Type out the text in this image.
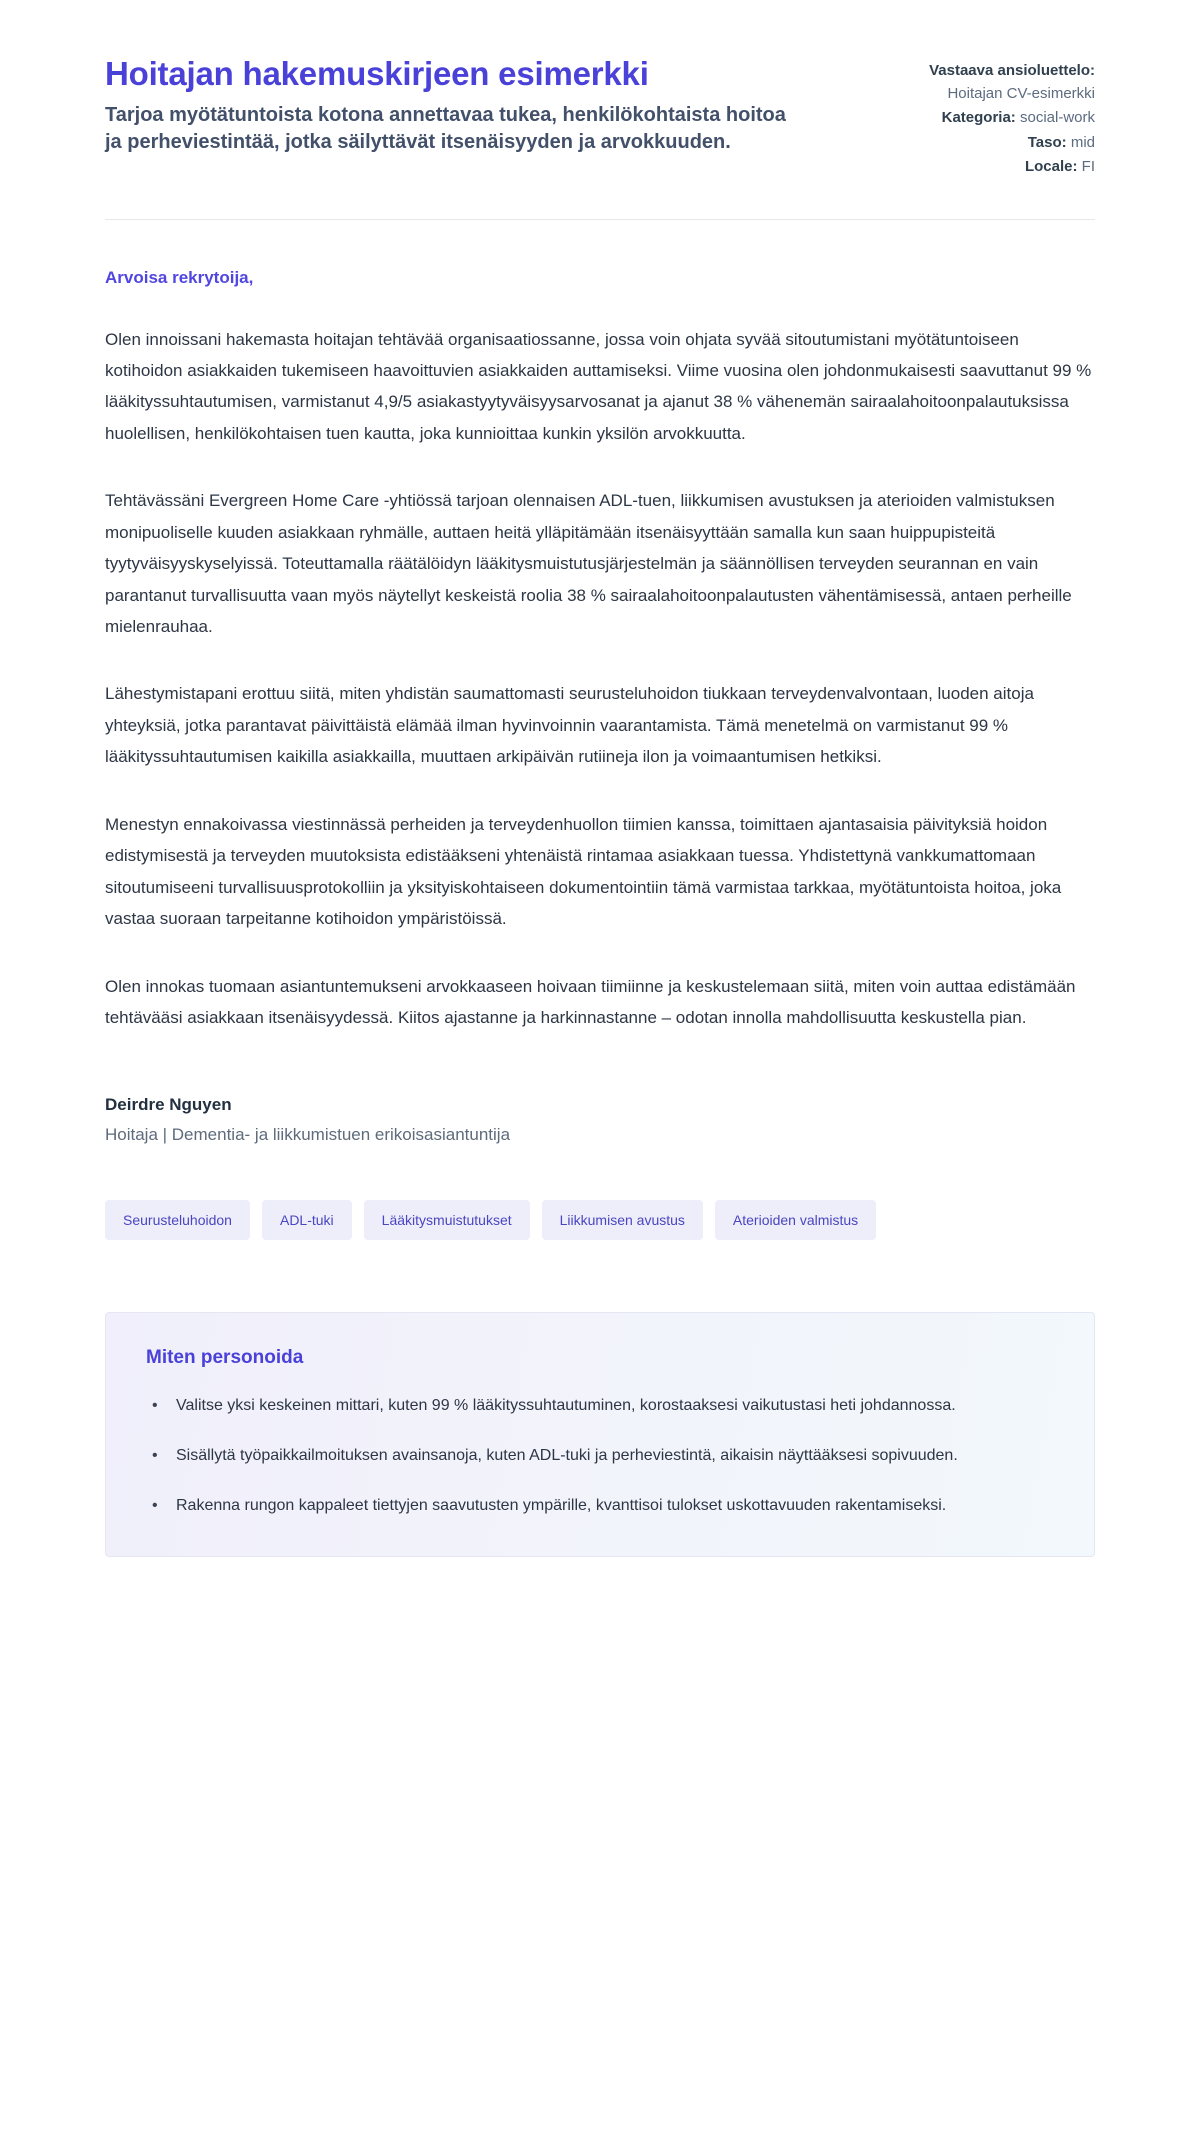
Hoitajan hakemuskirjeen esimerkki

Tarjoa myötätuntoista kotona annettavaa tukea, henkilökohtaista hoitoa ja perheviestintää, jotka säilyttävät itsenäisyyden ja arvokkuuden.

Vastaava ansioluettelo: Hoitajan CV-esimerkki
Kategoria: social-work
Taso: mid
Locale: FI

Arvoisa rekrytoija,

Olen innoissani hakemasta hoitajan tehtävää organisaatiossanne, jossa voin ohjata syvää sitoutumistani myötätuntoiseen kotihoidon asiakkaiden tukemiseen haavoittuvien asiakkaiden auttamiseksi. Viime vuosina olen johdonmukaisesti saavuttanut 99 % lääkityssuhtautumisen, varmistanut 4,9/5 asiakastyytyväisyysarvosanat ja ajanut 38 % vähenemän sairaalahoitoonpalautuksissa huolellisen, henkilökohtaisen tuen kautta, joka kunnioittaa kunkin yksilön arvokkuutta.

Tehtävässäni Evergreen Home Care -yhtiössä tarjoan olennaisen ADL-tuen, liikkumisen avustuksen ja aterioiden valmistuksen monipuoliselle kuuden asiakkaan ryhmälle, auttaen heitä ylläpitämään itsenäisyyttään samalla kun saan huippupisteitä tyytyväisyyskyselyissä. Toteuttamalla räätälöidyn lääkitysmuistutusjärjestelmän ja säännöllisen terveyden seurannan en vain parantanut turvallisuutta vaan myös näytellyt keskeistä roolia 38 % sairaalahoitoonpalautusten vähentämisessä, antaen perheille mielenrauhaa.

Lähestymistapani erottuu siitä, miten yhdistän saumattomasti seurusteluhoidon tiukkaan terveydenvalvontaan, luoden aitoja yhteyksiä, jotka parantavat päivittäistä elämää ilman hyvinvoinnin vaarantamista. Tämä menetelmä on varmistanut 99 % lääkityssuhtautumisen kaikilla asiakkailla, muuttaen arkipäivän rutiineja ilon ja voimaantumisen hetkiksi.

Menestyn ennakoivassa viestinnässä perheiden ja terveydenhuollon tiimien kanssa, toimittaen ajantasaisia päivityksiä hoidon edistymisestä ja terveyden muutoksista edistääkseni yhtenäistä rintamaa asiakkaan tuessa. Yhdistettynä vankkumattomaan sitoutumiseeni turvallisuusprotokolliin ja yksityiskohtaiseen dokumentointiin tämä varmistaa tarkkaa, myötätuntoista hoitoa, joka vastaa suoraan tarpeitanne kotihoidon ympäristöissä.

Olen innokas tuomaan asiantuntemukseni arvokkaaseen hoivaan tiimiinne ja keskustelemaan siitä, miten voin auttaa edistämään tehtävääsi asiakkaan itsenäisyydessä. Kiitos ajastanne ja harkinnastanne – odotan innolla mahdollisuutta keskustella pian.

Deirdre Nguyen

Hoitaja | Dementia- ja liikkumistuen erikoisasiantuntija

Seurusteluhoidon	ADL-tuki	Lääkitysmuistutukset	Liikkumisen avustus	Aterioiden valmistus
Miten personoida
• Valitse yksi keskeinen mittari, kuten 99 % lääkityssuhtautuminen, korostaaksesi vaikutustasi heti johdannossa.
• Sisällytä työpaikkailmoituksen avainsanoja, kuten ADL-tuki ja perheviestintä, aikaisin näyttääksesi sopivuuden.
• Rakenna rungon kappaleet tiettyjen saavutusten ympärille, kvanttisoi tulokset uskottavuuden rakentamiseksi.
